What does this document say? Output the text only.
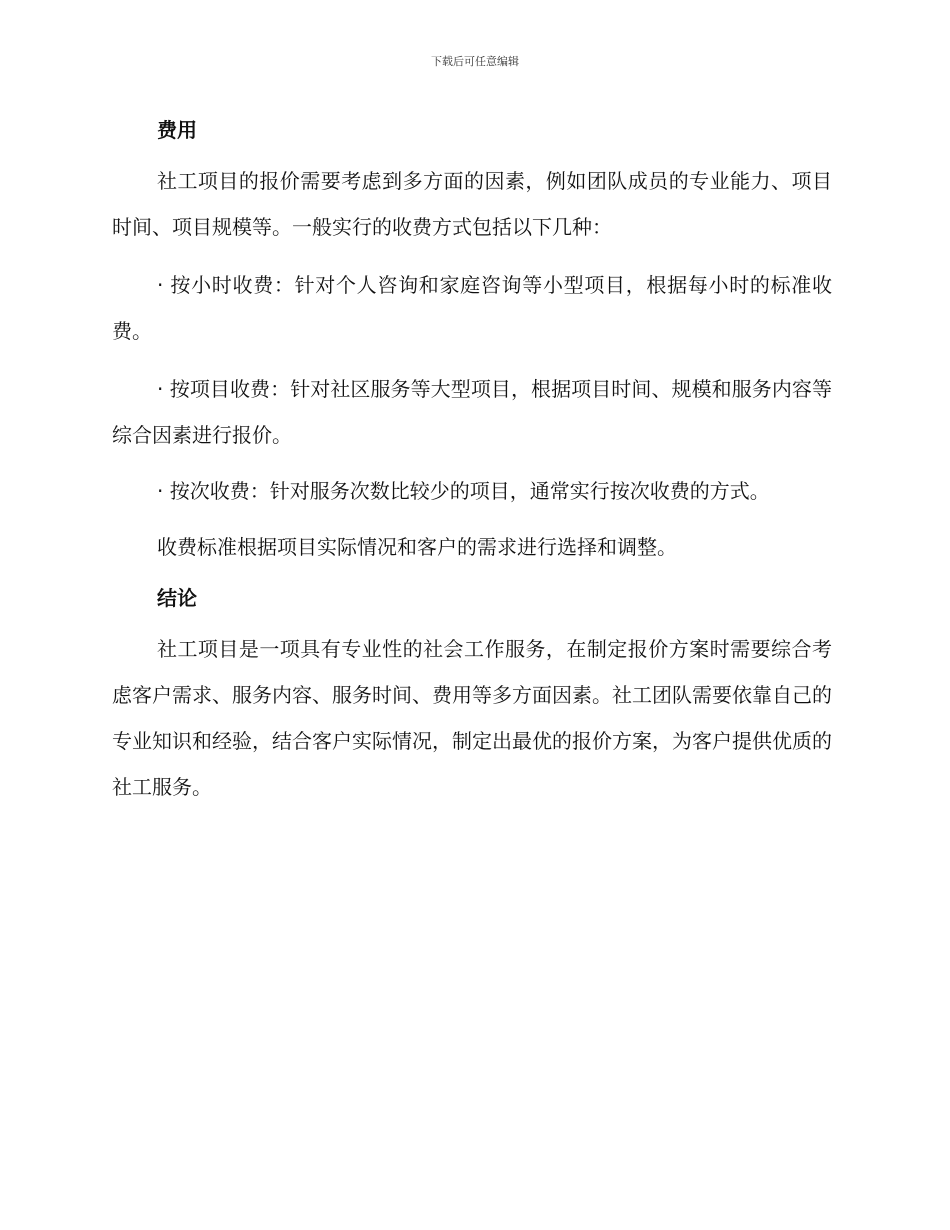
下载后可任意编辑
费用

社工项目的报价需要考虑到多方面的因素，例如团队成员的专业能力、项目时间、项目规模等。一般实行的收费方式包括以下几种：

· 按小时收费：针对个人咨询和家庭咨询等小型项目，根据每小时的标准收费。

· 按项目收费：针对社区服务等大型项目，根据项目时间、规模和服务内容等综合因素进行报价。

· 按次收费：针对服务次数比较少的项目，通常实行按次收费的方式。

收费标准根据项目实际情况和客户的需求进行选择和调整。

结论

社工项目是一项具有专业性的社会工作服务，在制定报价方案时需要综合考虑客户需求、服务内容、服务时间、费用等多方面因素。社工团队需要依靠自己的专业知识和经验，结合客户实际情况，制定出最优的报价方案，为客户提供优质的社工服务。
